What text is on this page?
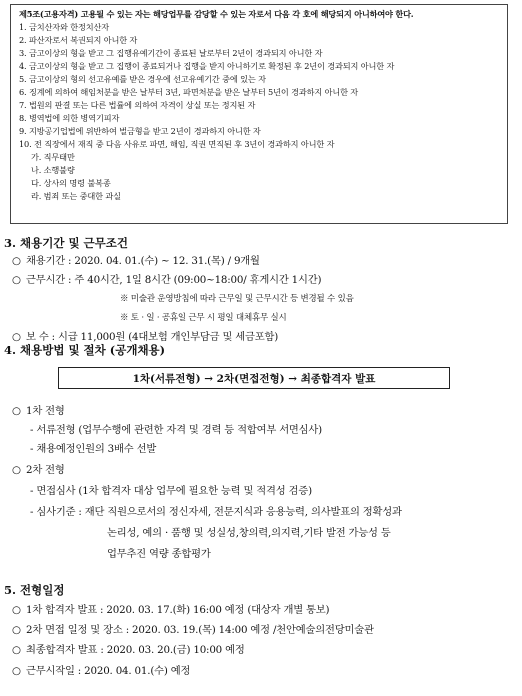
제5조(고용자격) 고용될 수 있는 자는 해당업무를 감당할 수 있는 자로서 다음 각 호에 해당되지 아니하여야 한다.
1. 금치산자와 한정치산자
2. 파산자로서 복권되지 아니한 자
3. 금고이상의 형을 받고 그 집행유예기간이 종료된 날로부터 2년이 경과되지 아니한 자
4. 금고이상의 형을 받고 그 집행이 종료되거나 집행을 받지 아니하기로 확정된 후 2년이 경과되지 아니한 자
5. 금고이상의 형의 선고유예를 받은 경우에 선고유예기간 중에 있는 자
6. 징계에 의하여 해임처분을 받은 날부터 3년, 파면처분을 받은 날부터 5년이 경과하지 아니한 자
7. 법원의 판결 또는 다른 법률에 의하여 자격이 상실 또는 정지된 자
8. 병역법에 의한 병역기피자
9. 지방공기업법에 위반하여 벌금형을 받고 2년이 경과하지 아니한 자
10. 전 직장에서 재직 중 다음 사유로 파면, 해임, 직권 면직된 후 3년이 경과하지 아니한 자
가. 직무태만
나. 소행불량
다. 상사의 명령 불복종
라. 범죄 또는 중대한 과실
3. 채용기간 및 근무조건
○ 채용기간 : 2020. 04. 01.(수) ~ 12. 31.(목) / 9개월
○ 근무시간 : 주 40시간, 1일 8시간 (09:00~18:00/ 휴게시간 1시간)
※ 미술관 운영방침에 따라 근무일 및 근무시간 등 변경될 수 있음
※ 토 · 일 · 공휴일 근무 시 평일 대체휴무 실시
○ 보 수 : 시급 11,000원 (4대보험 개인부담금 및 세금포함)
4. 채용방법 및 절차 (공개채용)
1차(서류전형) → 2차(면접전형) → 최종합격자 발표
○ 1차 전형
- 서류전형 (업무수행에 관련한 자격 및 경력 등 적합여부 서면심사)
- 채용예정인원의 3배수 선발
○ 2차 전형
- 면접심사 (1차 합격자 대상 업무에 필요한 능력 및 적격성 검증)
- 심사기준 : 재단 직원으로서의 정신자세, 전문지식과 응용능력, 의사발표의 정확성과
논리성, 예의 · 품행 및 성실성,창의력,의지력,기타 발전 가능성 등
업무추진 역량 종합평가
5. 전형일정
○ 1차 합격자 발표 : 2020. 03. 17.(화) 16:00 예정 (대상자 개별 통보)
○ 2차 면접 일정 및 장소 : 2020. 03. 19.(목) 14:00 예정 /천안예술의전당미술관
○ 최종합격자 발표 : 2020. 03. 20.(금) 10:00 예정
○ 근무시작일 : 2020. 04. 01.(수) 예정
